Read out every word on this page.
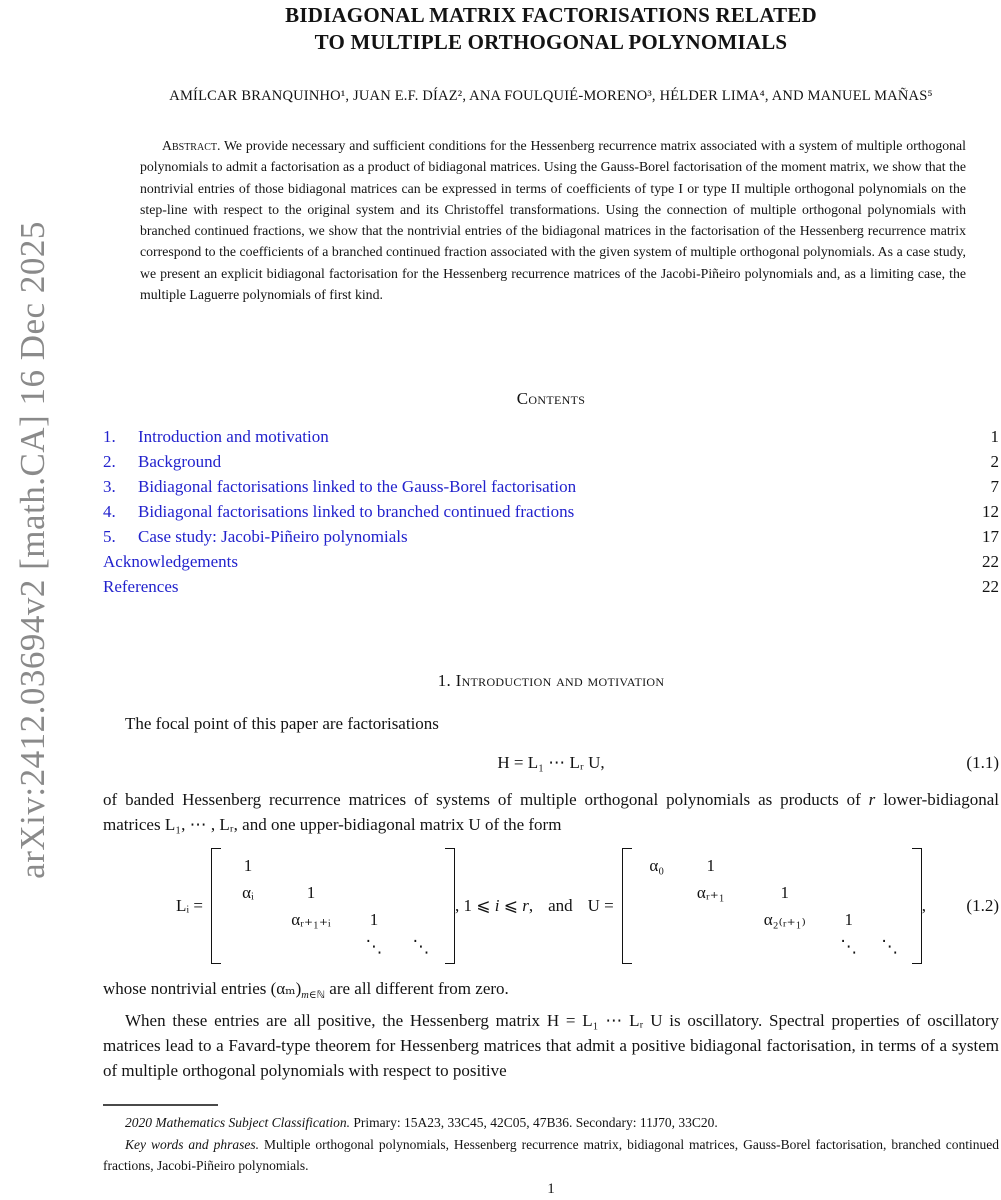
arXiv:2412.03694v2 [math.CA] 16 Dec 2025
BIDIAGONAL MATRIX FACTORISATIONS RELATED
TO MULTIPLE ORTHOGONAL POLYNOMIALS
AMÍLCAR BRANQUINHO¹, JUAN E.F. DÍAZ², ANA FOULQUIÉ-MORENO³, HÉLDER LIMA⁴, AND MANUEL MAÑAS⁵
Abstract. We provide necessary and sufficient conditions for the Hessenberg recurrence matrix associated with a system of multiple orthogonal polynomials to admit a factorisation as a product of bidiagonal matrices. Using the Gauss-Borel factorisation of the moment matrix, we show that the nontrivial entries of those bidiagonal matrices can be expressed in terms of coefficients of type I or type II multiple orthogonal polynomials on the step-line with respect to the original system and its Christoffel transformations. Using the connection of multiple orthogonal polynomials with branched continued fractions, we show that the nontrivial entries of the bidiagonal matrices in the factorisation of the Hessenberg recurrence matrix correspond to the coefficients of a branched continued fraction associated with the given system of multiple orthogonal polynomials. As a case study, we present an explicit bidiagonal factorisation for the Hessenberg recurrence matrices of the Jacobi-Piñeiro polynomials and, as a limiting case, the multiple Laguerre polynomials of first kind.
Contents
1.	Introduction and motivation	1
2.	Background	2
3.	Bidiagonal factorisations linked to the Gauss-Borel factorisation	7
4.	Bidiagonal factorisations linked to branched continued fractions	12
5.	Case study: Jacobi-Piñeiro polynomials	17
Acknowledgements	22
References	22
1. Introduction and motivation

The focal point of this paper are factorisations

H = L₁ ⋯ Lᵣ U,	(1.1)

of banded Hessenberg recurrence matrices of systems of multiple orthogonal polynomials as products of r lower-bidiagonal matrices L₁, ⋯ , Lᵣ, and one upper-bidiagonal matrix U of the form

Lᵢ =
1
αᵢ	1
αᵣ₊₁₊ᵢ 1
⋱ ⋱
, 1 ⩽ i ⩽ r, and U =
α₀ 1
αᵣ₊₁	1
α₂₍ᵣ₊₁₎ 1
⋱ ⋱
, (1.2)

whose nontrivial entries $(\alpha_m)_{m\in ℕ}$ are all different from zero.

When these entries are all positive, the Hessenberg matrix H = L₁ ⋯ Lᵣ U is oscillatory. Spectral properties of oscillatory matrices lead to a Favard-type theorem for Hessenberg matrices that admit a positive bidiagonal factorisation, in terms of a system of multiple orthogonal polynomials with respect to positive

2020 Mathematics Subject Classification. Primary: 15A23, 33C45, 42C05, 47B36. Secondary: 11J70, 33C20.

Key words and phrases. Multiple orthogonal polynomials, Hessenberg recurrence matrix, bidiagonal matrices, Gauss-Borel factorisation, branched continued fractions, Jacobi-Piñeiro polynomials.

1
